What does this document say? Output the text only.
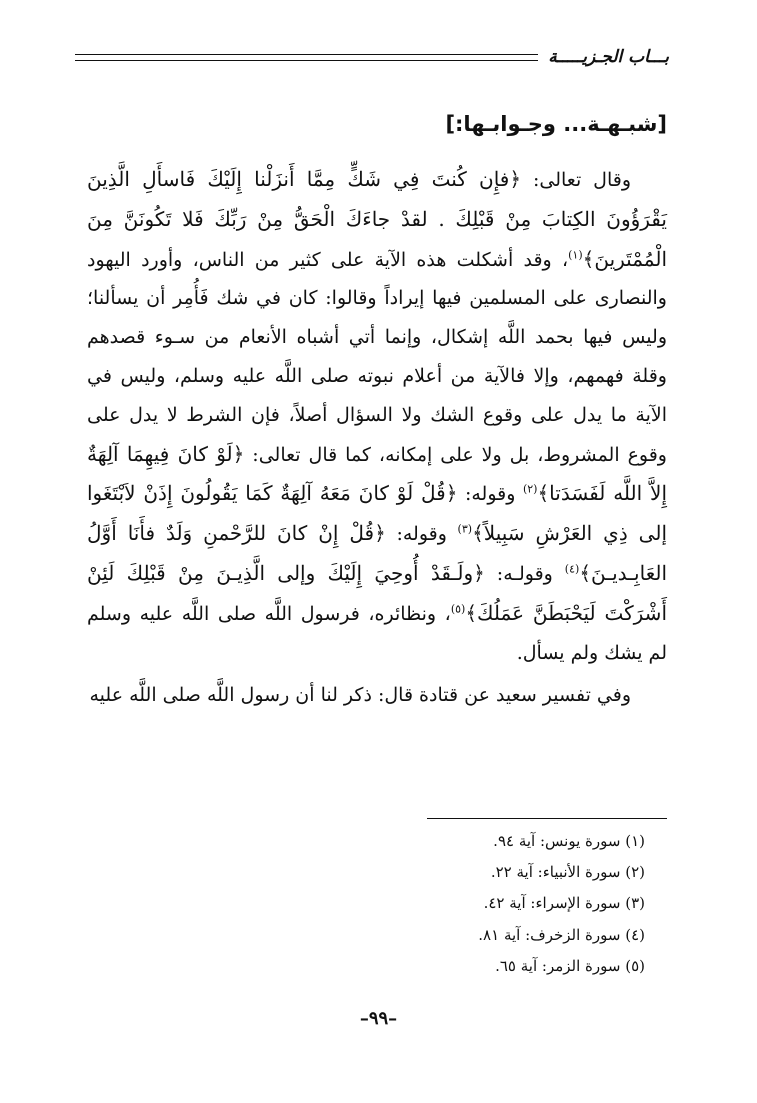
بـــاب الجـزيـــــة
[شبـهـة... وجـوابـها:]

وقال تعالى: ﴿فإِن كُنتَ فِي شَكٍّ مِمَّا أَنزَلْنا إِلَيْكَ فَاسأَلِ الَّذِينَ يَقْرَؤُونَ الكِتابَ مِنْ قَبْلِكَ . لقدْ جاءَكَ الْحَقُّ مِنْ رَبِّكَ فَلا تَكُونَنَّ مِنَ الْمُمْتَرينَ﴾$^{(١)}$، وقد أشكلت هذه الآية على كثير من الناس، وأورد اليهود والنصارى على المسلمين فيها إيراداً وقالوا: كان في شك فَأُمِر أن يسألنا؛ وليس فيها بحمد اللَّه إشكال، وإنما أتي أشباه الأنعام من سـوء قصدهم وقلة فهمهم، وإلا فالآية من أعلام نبوته صلى اللَّه عليه وسلم، وليس في الآية ما يدل على وقوع الشك ولا السؤال أصلاً، فإن الشرط لا يدل على وقوع المشروط، بل ولا على إمكانه، كما قال تعالى: ﴿لَوْ كانَ فِيهِمَا آلِهَةٌ إِلاَّ اللَّه لَفَسَدَتا﴾$^{(٢)}$ وقوله: ﴿قُلْ لَوْ كانَ مَعَهُ آلِهَةٌ كَمَا يَقُولُونَ إِذَنْ لاَبْتَغَوا إلى ذِي العَرْشِ سَبِيلاً﴾$^{(٣)}$ وقوله: ﴿قُلْ إِنْ كانَ للرَّحْمنِ وَلَدٌ فأَنَا أَوَّلُ العَابِـديـنَ﴾$^{(٤)}$ وقولـه: ﴿ولَـقَدْ أُوحِيَ إِلَيْكَ وإلى الَّذِيـنَ مِنْ قَبْلِكَ لَئِنْ أَشْرَكْتَ لَيَحْبَطَنَّ عَمَلُكَ﴾$^{(٥)}$، ونظائره، فرسول اللَّه صلى اللَّه عليه وسلم لم يشك ولم يسأل.

وفي تفسير سعيد عن قتادة قال: ذكر لنا أن رسول اللَّه صلى اللَّه عليه

(١) سورة يونس: آية ٩٤.
(٢) سورة الأنبياء: آية ٢٢.
(٣) سورة الإسراء: آية ٤٢.
(٤) سورة الزخرف: آية ٨١.
(٥) سورة الزمر: آية ٦٥.
–٩٩–
